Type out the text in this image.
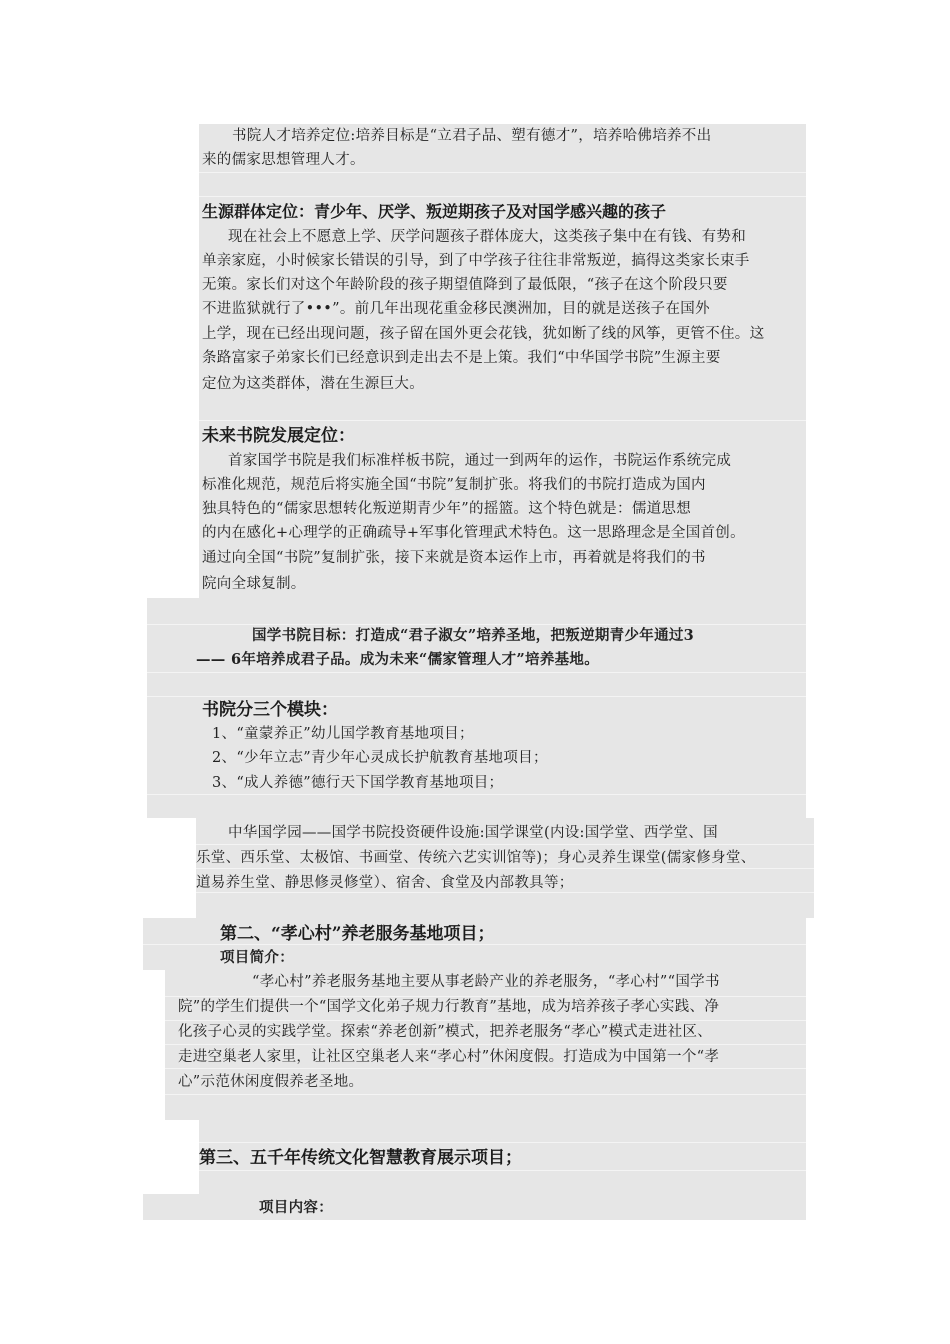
书院人才培养定位:培养目标是“立君子品、塑有德才”，培养哈佛培养不出
来的儒家思想管理人才。
生源群体定位：青少年、厌学、叛逆期孩子及对国学感兴趣的孩子
现在社会上不愿意上学、厌学问题孩子群体庞大，这类孩子集中在有钱、有势和
单亲家庭，小时候家长错误的引导，到了中学孩子往往非常叛逆，搞得这类家长束手
无策。家长们对这个年龄阶段的孩子期望值降到了最低限，“孩子在这个阶段只要
不进监狱就行了•••”。前几年出现花重金移民澳洲加，目的就是送孩子在国外
上学，现在已经出现问题，孩子留在国外更会花钱，犹如断了线的风筝，更管不住。这
条路富家子弟家长们已经意识到走出去不是上策。我们“中华国学书院”生源主要
定位为这类群体，潜在生源巨大。
未来书院发展定位：
首家国学书院是我们标准样板书院，通过一到两年的运作，书院运作系统完成
标准化规范，规范后将实施全国“书院”复制扩张。将我们的书院打造成为国内
独具特色的“儒家思想转化叛逆期青少年”的摇篮。这个特色就是：儒道思想
的内在感化+心理学的正确疏导+军事化管理武术特色。这一思路理念是全国首创。
通过向全国“书院”复制扩张，接下来就是资本运作上市，再着就是将我们的书
院向全球复制。
国学书院目标：打造成“君子淑女”培养圣地，把叛逆期青少年通过3
—— 6年培养成君子品。成为未来“儒家管理人才”培养基地。
书院分三个模块：
1、“童蒙养正”幼儿国学教育基地项目；
2、“少年立志”青少年心灵成长护航教育基地项目；
3、“成人养德”德行天下国学教育基地项目；
中华国学园——国学书院投资硬件设施:国学课堂(内设:国学堂、西学堂、国
乐堂、西乐堂、太极馆、书画堂、传统六艺实训馆等)；身心灵养生课堂(儒家修身堂、
道易养生堂、静思修灵修堂）、宿舍、食堂及内部教具等；
第二、“孝心村”养老服务基地项目；
项目简介：
“孝心村”养老服务基地主要从事老龄产业的养老服务，“孝心村”“国学书
院”的学生们提供一个“国学文化弟子规力行教育”基地，成为培养孩子孝心实践、净
化孩子心灵的实践学堂。探索“养老创新”模式，把养老服务“孝心”模式走进社区、
走进空巢老人家里，让社区空巢老人来“孝心村”休闲度假。打造成为中国第一个“孝
心”示范休闲度假养老圣地。
第三、五千年传统文化智慧教育展示项目；
项目内容：
